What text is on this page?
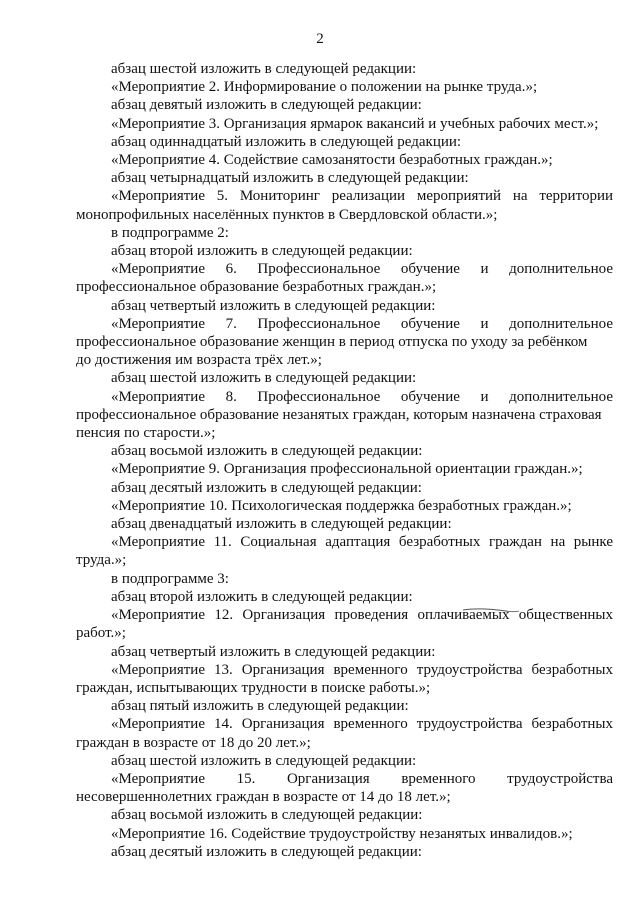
2

абзац шестой изложить в следующей редакции:

«Мероприятие 2. Информирование о положении на рынке труда.»;

абзац девятый изложить в следующей редакции:

«Мероприятие 3. Организация ярмарок вакансий и учебных рабочих мест.»;

абзац одиннадцатый изложить в следующей редакции:

«Мероприятие 4. Содействие самозанятости безработных граждан.»;

абзац четырнадцатый изложить в следующей редакции:

«Мероприятие 5. Мониторинг реализации мероприятий на территории

монопрофильных населённых пунктов в Свердловской области.»;

в подпрограмме 2:

абзац второй изложить в следующей редакции:

«Мероприятие 6. Профессиональное обучение и дополнительное

профессиональное образование безработных граждан.»;

абзац четвертый изложить в следующей редакции:

«Мероприятие 7. Профессиональное обучение и дополнительное

профессиональное образование женщин в период отпуска по уходу за ребёнком

до достижения им возраста трёх лет.»;

абзац шестой изложить в следующей редакции:

«Мероприятие 8. Профессиональное обучение и дополнительное

профессиональное образование незанятых граждан, которым назначена страховая

пенсия по старости.»;

абзац восьмой изложить в следующей редакции:

«Мероприятие 9. Организация профессиональной ориентации граждан.»;

абзац десятый изложить в следующей редакции:

«Мероприятие 10. Психологическая поддержка безработных граждан.»;

абзац двенадцатый изложить в следующей редакции:

«Мероприятие 11. Социальная адаптация безработных граждан на рынке

труда.»;

в подпрограмме 3:

абзац второй изложить в следующей редакции:

«Мероприятие 12. Организация проведения оплачиваемых общественных

работ.»;

абзац четвертый изложить в следующей редакции:

«Мероприятие 13. Организация временного трудоустройства безработных

граждан, испытывающих трудности в поиске работы.»;

абзац пятый изложить в следующей редакции:

«Мероприятие 14. Организация временного трудоустройства безработных

граждан в возрасте от 18 до 20 лет.»;

абзац шестой изложить в следующей редакции:

«Мероприятие 15. Организация временного трудоустройства

несовершеннолетних граждан в возрасте от 14 до 18 лет.»;

абзац восьмой изложить в следующей редакции:

«Мероприятие 16. Содействие трудоустройству незанятых инвалидов.»;

абзац десятый изложить в следующей редакции:
